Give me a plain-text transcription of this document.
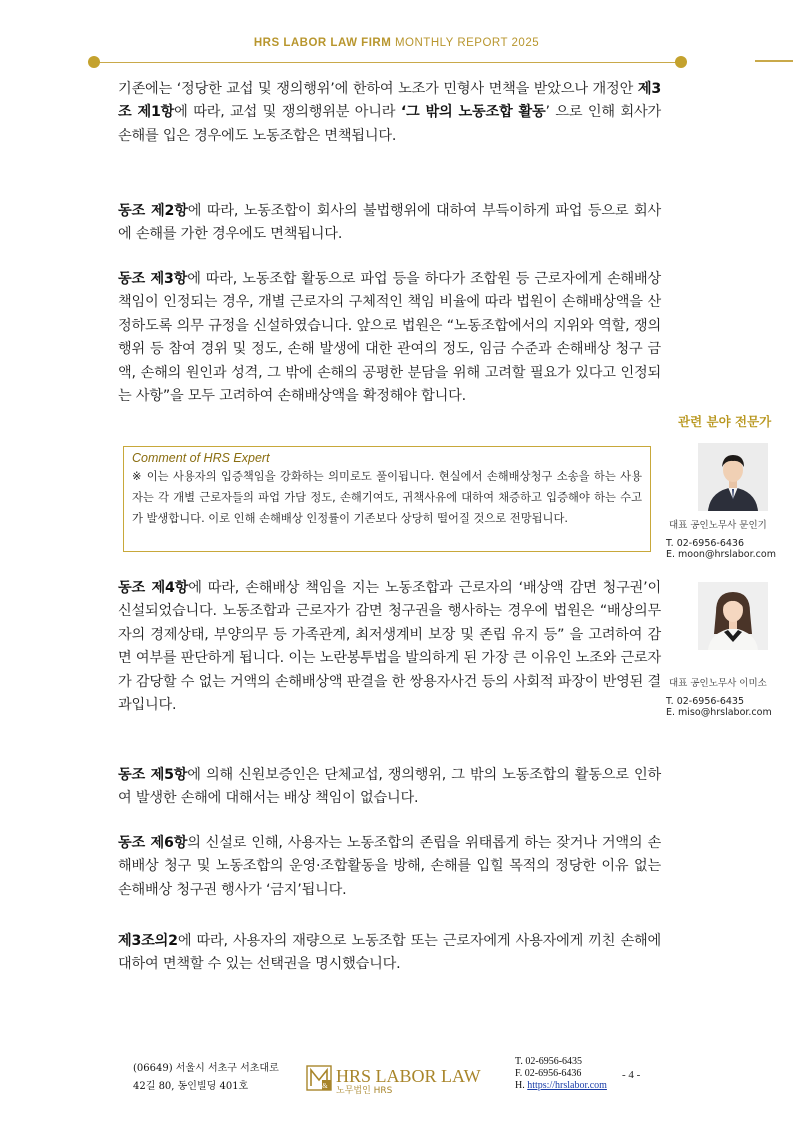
HRS LABOR LAW FIRM MONTHLY REPORT 2025

기존에는 ‘정당한 교섭 및 쟁의행위’에 한하여 노조가 민형사 면책을 받았으나 개정안 제3조 제1항에 따라, 교섭 및 쟁의행위분 아니라 ‘그 밖의 노동조합 활동’ 으로 인해 회사가 손해를 입은 경우에도 노동조합은 면책됩니다.

동조 제2항에 따라, 노동조합이 회사의 불법행위에 대하여 부득이하게 파업 등으로 회사에 손해를 가한 경우에도 면책됩니다.

동조 제3항에 따라, 노동조합 활동으로 파업 등을 하다가 조합원 등 근로자에게 손해배상 책임이 인정되는 경우, 개별 근로자의 구체적인 책임 비율에 따라 법원이 손해배상액을 산정하도록 의무 규정을 신설하였습니다. 앞으로 법원은 “노동조합에서의 지위와 역할, 쟁의행위 등 참여 경위 및 정도, 손해 발생에 대한 관여의 정도, 임금 수준과 손해배상 청구 금액, 손해의 원인과 성격, 그 밖에 손해의 공평한 분담을 위해 고려할 필요가 있다고 인정되는 사항”을 모두 고려하여 손해배상액을 확정해야 합니다.

동조 제4항에 따라, 손해배상 책임을 지는 노동조합과 근로자의 ‘배상액 감면 청구권’이 신설되었습니다. 노동조합과 근로자가 감면 청구권을 행사하는 경우에 법원은 “배상의무자의 경제상태, 부양의무 등 가족관계, 최저생계비 보장 및 존립 유지 등” 을 고려하여 감면 여부를 판단하게 됩니다. 이는 노란봉투법을 발의하게 된 가장 큰 이유인 노조와 근로자가 감당할 수 없는 거액의 손해배상액 판결을 한 쌍용자사건 등의 사회적 파장이 반영된 결과입니다.

동조 제5항에 의해 신원보증인은 단체교섭, 쟁의행위, 그 밖의 노동조합의 활동으로 인하여 발생한 손해에 대해서는 배상 책임이 없습니다.

동조 제6항의 신설로 인해, 사용자는 노동조합의 존립을 위태롭게 하는 잦거나 거액의 손해배상 청구 및 노동조합의 운영·조합활동을 방해, 손해를 입힐 목적의 정당한 이유 없는 손해배상 청구권 행사가 ‘금지’됩니다.

제3조의2에 따라, 사용자의 재량으로 노동조합 또는 근로자에게 사용자에게 끼친 손해에 대하여 면책할 수 있는 선택권을 명시했습니다.

Comment of HRS Expert
※ 이는 사용자의 입증책임을 강화하는 의미로도 풀이됩니다. 현실에서 손해배상청구 소송을 하는 사용자는 각 개별 근로자들의 파업 가담 정도, 손해기여도, 귀책사유에 대하여 채증하고 입증해야 하는 수고가 발생합니다. 이로 인해 손해배상 인정률이 기존보다 상당히 떨어질 것으로 전망됩니다.
관련 분야 전문가
대표 공인노무사 문인기
T. 02-6956-6436
E. moon@hrslabor.com
대표 공인노무사 이미소
T. 02-6956-6435
E. miso@hrslabor.com
(06649) 서울시 서초구 서초대로
42길 80, 동인빌딩 401호	& HRS LABOR LAW
노무법인 HRS
T. 02-6956-6435
F. 02-6956-6436
H. https://hrslabor.com
- 4 -
